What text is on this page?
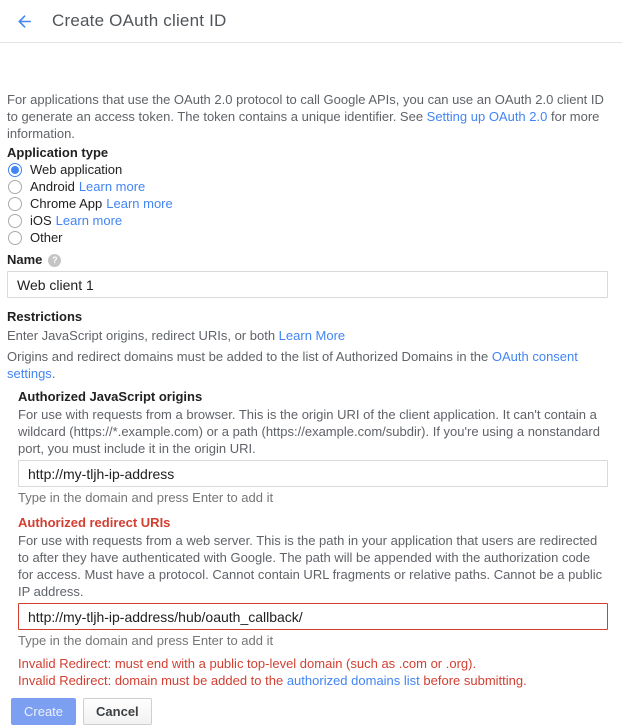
Create OAuth client ID

For applications that use the OAuth 2.0 protocol to call Google APIs, you can use an OAuth 2.0 client ID to generate an access token. The token contains a unique identifier. See Setting up OAuth 2.0 for more information.

Application type
Web application
Android Learn more
Chrome App Learn more
iOS Learn more
Other
Name	?
Web client 1
Restrictions

Enter JavaScript origins, redirect URIs, or both Learn More

Origins and redirect domains must be added to the list of Authorized Domains in the OAuth consent settings.

Authorized JavaScript origins

For use with requests from a browser. This is the origin URI of the client application. It can't contain a wildcard (https://*.example.com) or a path (https://example.com/subdir). If you're using a nonstandard port, you must include it in the origin URI.

http://my-tljh-ip-address
Type in the domain and press Enter to add it
Authorized redirect URIs

For use with requests from a web server. This is the path in your application that users are redirected to after they have authenticated with Google. The path will be appended with the authorization code for access. Must have a protocol. Cannot contain URL fragments or relative paths. Cannot be a public IP address.

http://my-tljh-ip-address/hub/oauth_callback/
Type in the domain and press Enter to add it

Invalid Redirect: must end with a public top-level domain (such as .com or .org).

Invalid Redirect: domain must be added to the authorized domains list before submitting.

Create	Cancel
